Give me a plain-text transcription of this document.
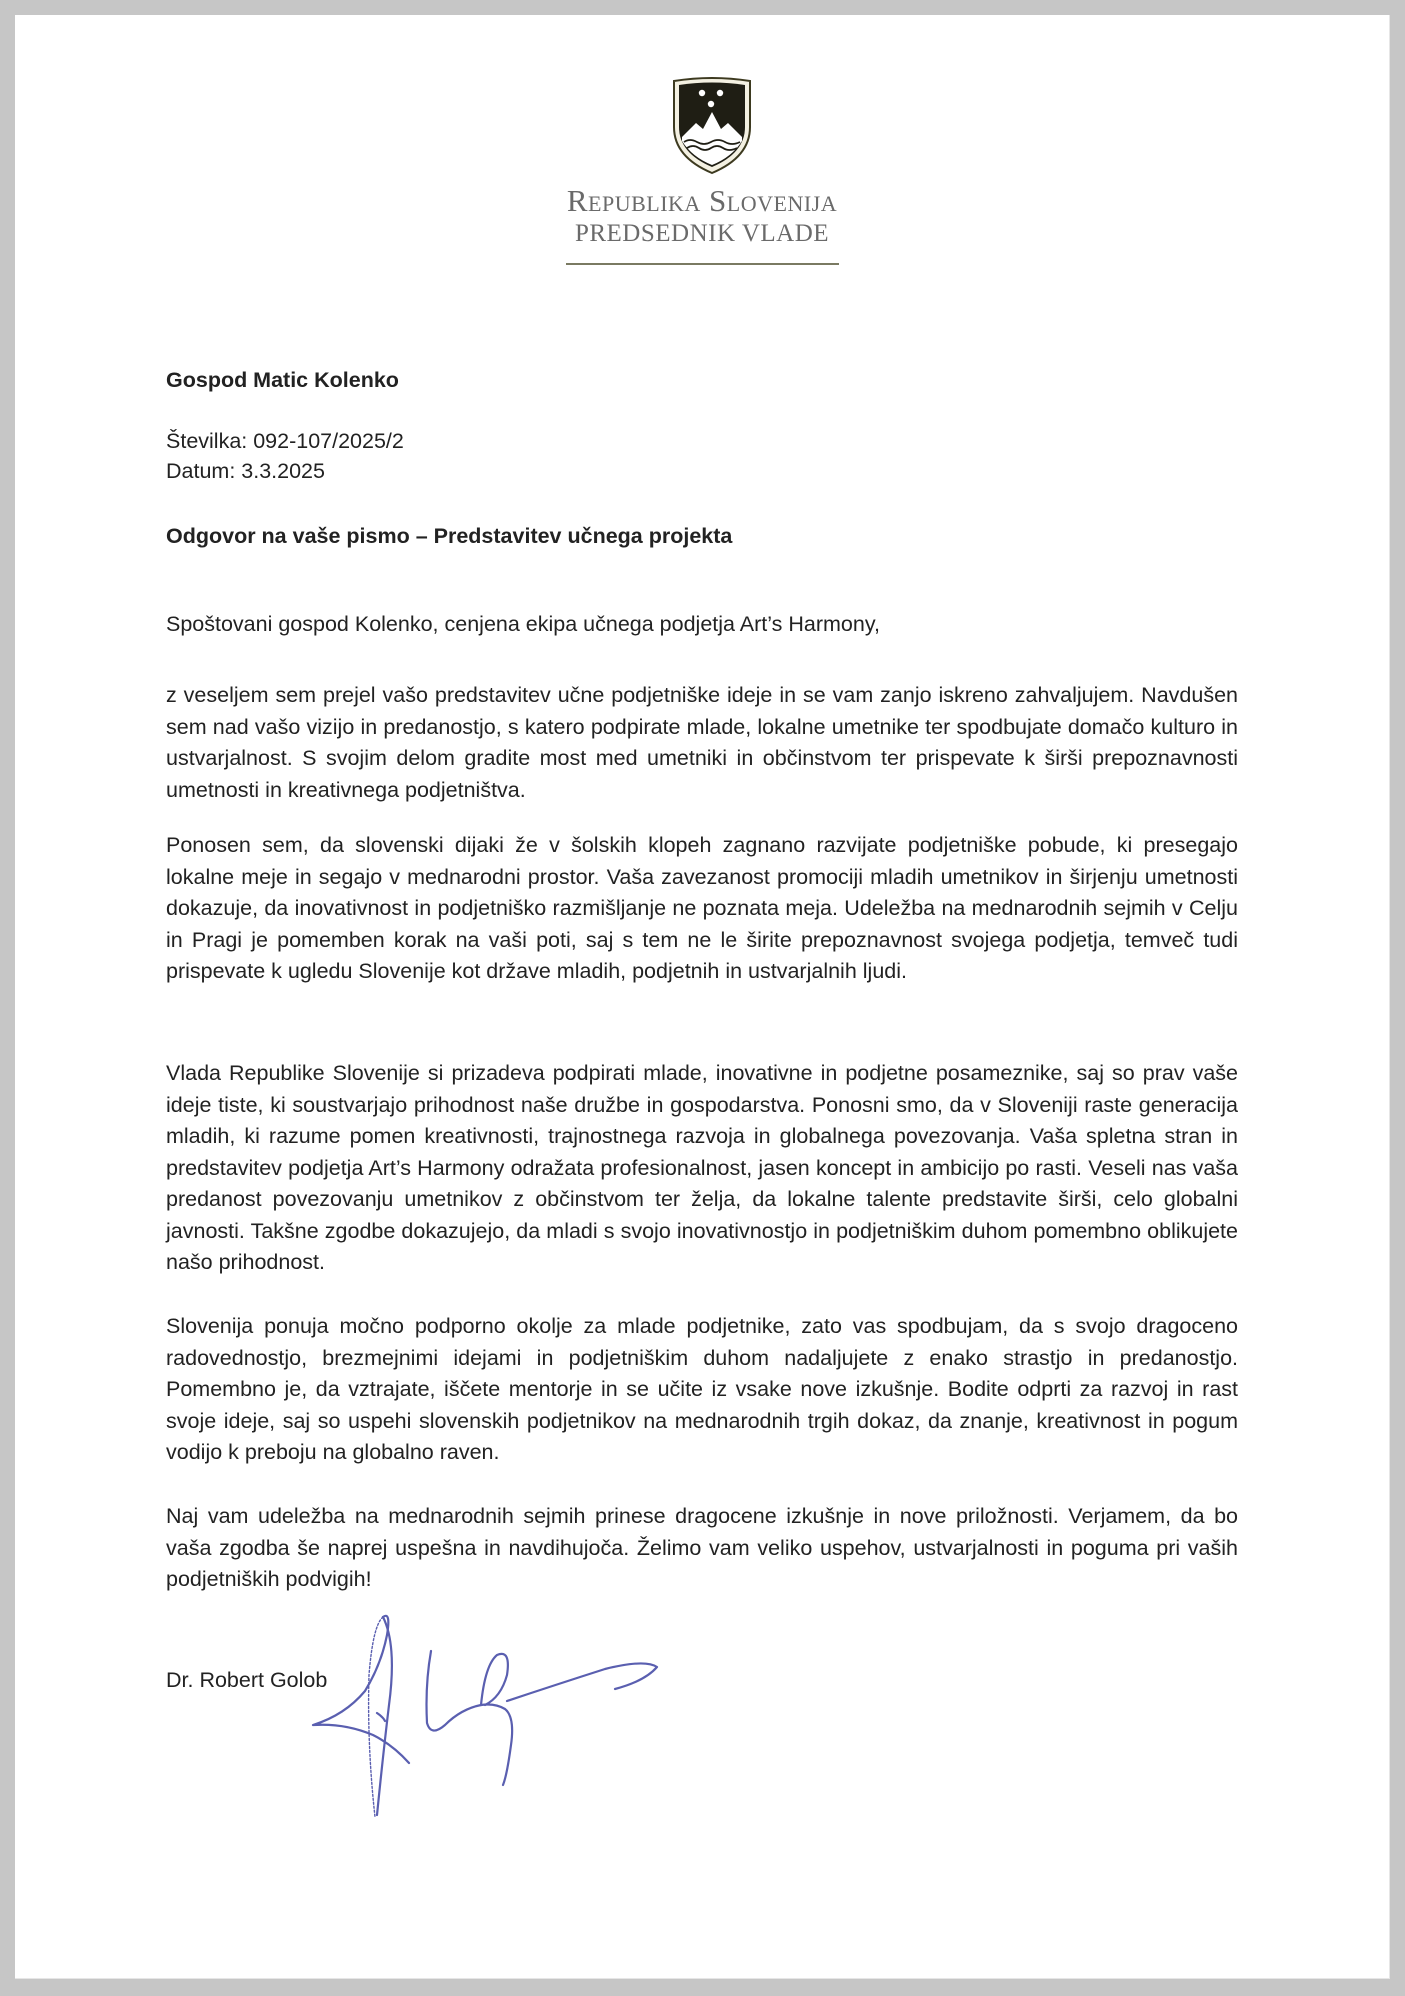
Republika Slovenija
PREDSEDNIK VLADE
Gospod Matic Kolenko
Številka: 092-107/2025/2
Datum: 3.3.2025
Odgovor na vaše pismo – Predstavitev učnega projekta
Spoštovani gospod Kolenko, cenjena ekipa učnega podjetja Art’s Harmony,

z veseljem sem prejel vašo predstavitev učne podjetniške ideje in se vam zanjo iskreno zahvaljujem. Navdušen sem nad vašo vizijo in predanostjo, s katero podpirate mlade, lokalne umetnike ter spodbujate domačo kulturo in ustvarjalnost. S svojim delom gradite most med umetniki in občinstvom ter prispevate k širši prepoznavnosti umetnosti in kreativnega podjetništva.

Ponosen sem, da slovenski dijaki že v šolskih klopeh zagnano razvijate podjetniške pobude, ki presegajo lokalne meje in segajo v mednarodni prostor. Vaša zavezanost promociji mladih umetnikov in širjenju umetnosti dokazuje, da inovativnost in podjetniško razmišljanje ne poznata meja. Udeležba na mednarodnih sejmih v Celju in Pragi je pomemben korak na vaši poti, saj s tem ne le širite prepoznavnost svojega podjetja, temveč tudi prispevate k ugledu Slovenije kot države mladih, podjetnih in ustvarjalnih ljudi.

Vlada Republike Slovenije si prizadeva podpirati mlade, inovativne in podjetne posameznike, saj so prav vaše ideje tiste, ki soustvarjajo prihodnost naše družbe in gospodarstva. Ponosni smo, da v Sloveniji raste generacija mladih, ki razume pomen kreativnosti, trajnostnega razvoja in globalnega povezovanja. Vaša spletna stran in predstavitev podjetja Art’s Harmony odražata profesionalnost, jasen koncept in ambicijo po rasti. Veseli nas vaša predanost povezovanju umetnikov z občinstvom ter želja, da lokalne talente predstavite širši, celo globalni javnosti. Takšne zgodbe dokazujejo, da mladi s svojo inovativnostjo in podjetniškim duhom pomembno oblikujete našo prihodnost.

Slovenija ponuja močno podporno okolje za mlade podjetnike, zato vas spodbujam, da s svojo dragoceno radovednostjo, brezmejnimi idejami in podjetniškim duhom nadaljujete z enako strastjo in predanostjo. Pomembno je, da vztrajate, iščete mentorje in se učite iz vsake nove izkušnje. Bodite odprti za razvoj in rast svoje ideje, saj so uspehi slovenskih podjetnikov na mednarodnih trgih dokaz, da znanje, kreativnost in pogum vodijo k preboju na globalno raven.

Naj vam udeležba na mednarodnih sejmih prinese dragocene izkušnje in nove priložnosti. Verjamem, da bo vaša zgodba še naprej uspešna in navdihujoča. Želimo vam veliko uspehov, ustvarjalnosti in poguma pri vaših podjetniških podvigih!

Dr. Robert Golob
